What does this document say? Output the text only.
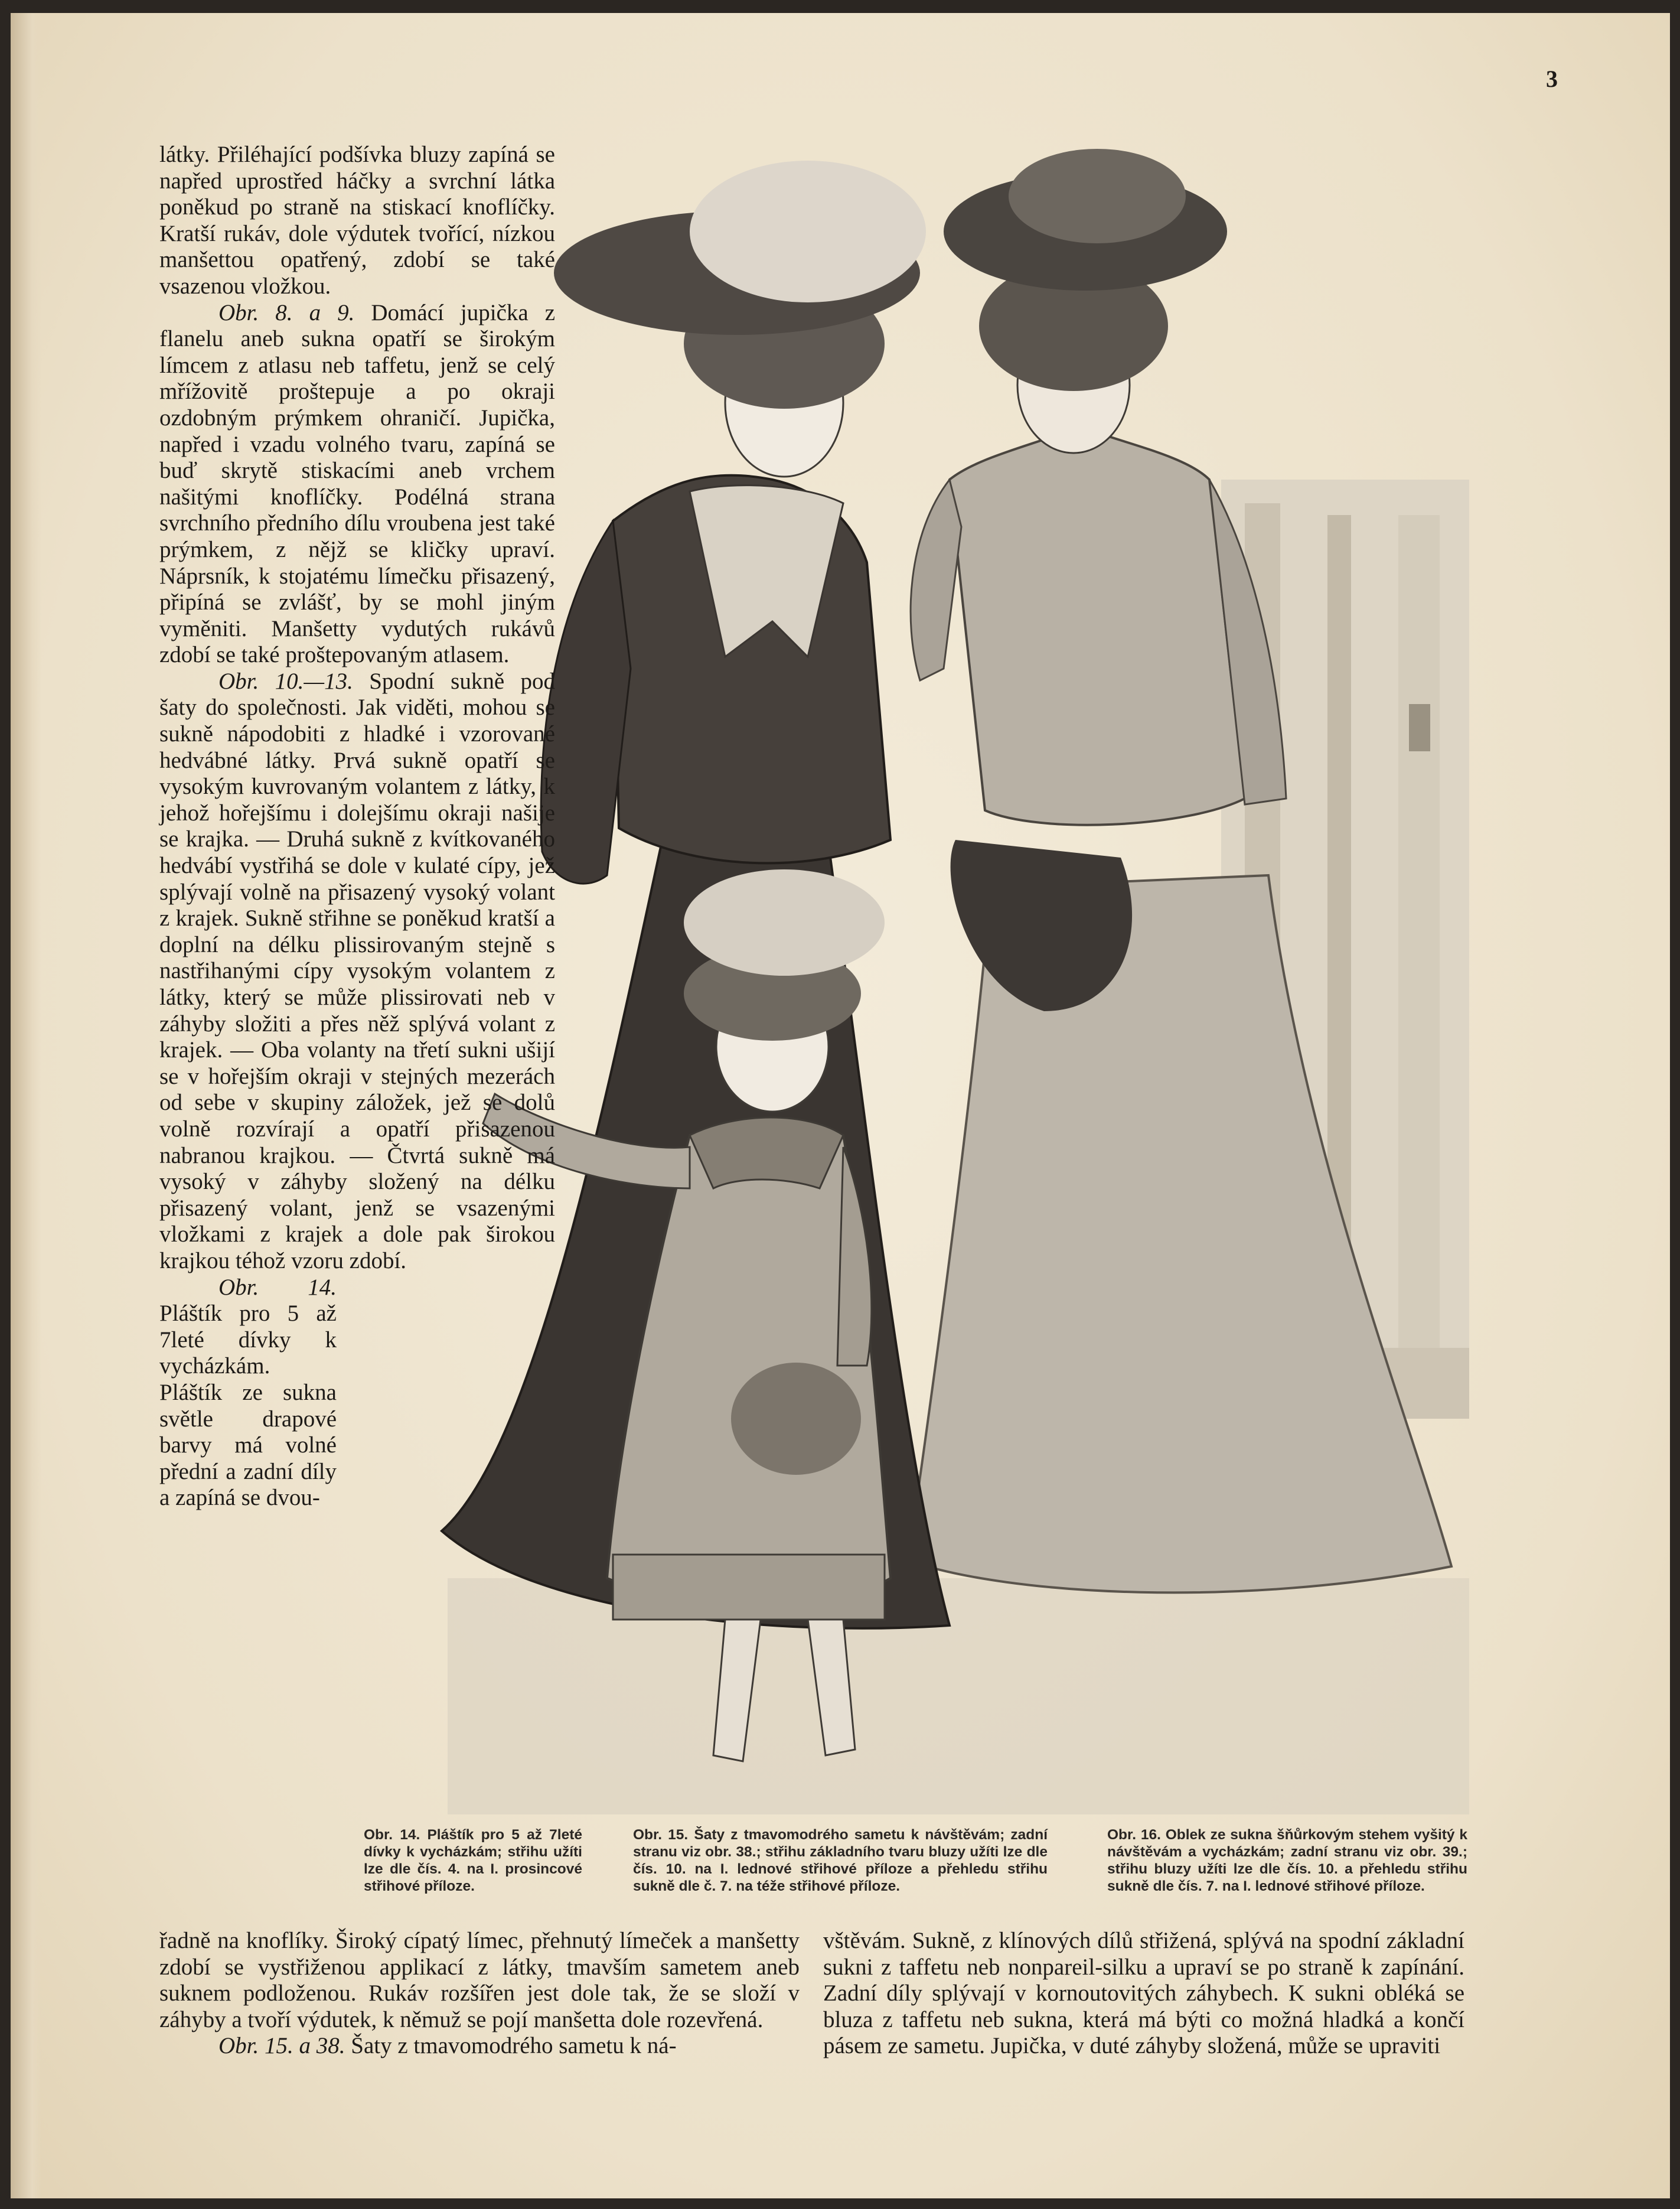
3

látky. Přiléhající podšívka bluzy zapíná se napřed uprostřed háčky a svrchní látka poněkud po straně na stiskací knoflíčky. Kratší rukáv, dole výdutek tvořící, nízkou manšettou opatřený, zdobí se také vsazenou vložkou.

Obr. 8. a 9. Domácí jupička z flanelu aneb sukna opatří se širokým límcem z atlasu neb taffetu, jenž se celý mřížovitě proštepuje a po okraji ozdobným prýmkem ohraničí. Jupička, napřed i vzadu volného tvaru, zapíná se buď skrytě stiskacími aneb vrchem našitými knoflíčky. Podélná strana svrchního předního dílu vroubena jest také prýmkem, z nějž se kličky upraví. Náprsník, k stojatému límečku přisazený, připíná se zvlášť, by se mohl jiným vyměniti. Manšetty vydutých rukávů zdobí se také proštepovaným atlasem.

Obr. 10.—13. Spodní sukně pod šaty do společnosti. Jak viděti, mohou se sukně nápodobiti z hladké i vzorované hedvábné látky. Prvá sukně opatří se vysokým kuvrovaným volantem z látky, k jehož hořejšímu i dolejšímu okraji našije se krajka. — Druhá sukně z kvítkovaného hedvábí vystřihá se dole v kulaté cípy, jež splývají volně na přisazený vysoký volant z krajek. Sukně střihne se poněkud kratší a doplní na délku plissirovaným stejně s nastřihanými cípy vysokým volantem z látky, který se může plissirovati neb v záhyby složiti a přes něž splývá volant z krajek. — Oba volanty na třetí sukni ušijí se v hořejším okraji v stejných mezerách od sebe v skupiny záložek, jež se dolů volně rozvírají a opatří přisazenou nabranou krajkou. — Čtvrtá sukně má vysoký v záhyby složený na délku přisazený volant, jenž se vsazenými vložkami z krajek a dole pak širokou krajkou téhož vzoru zdobí.

Obr. 14. Pláštík pro 5 až 7leté dívky k vycházkám. Pláštík ze sukna světle drapové barvy má volné přední a zadní díly a zapíná se dvou-

Obr. 14. Pláštík pro 5 až 7leté dívky k vycházkám; střihu užíti lze dle čís. 4. na I. prosincové střihové příloze.
Obr. 15. Šaty z tmavomodrého sametu k návštěvám; zadní stranu viz obr. 38.; střihu základního tvaru bluzy užíti lze dle čís. 10. na I. lednové střihové příloze a přehledu střihu sukně dle č. 7. na téže střihové příloze.
Obr. 16. Oblek ze sukna šňůrkovým stehem vyšitý k návštěvám a vycházkám; zadní stranu viz obr. 39.; střihu bluzy užíti lze dle čís. 10. a přehledu střihu sukně dle čís. 7. na I. lednové střihové příloze.

řadně na knoflíky. Široký cípatý límec, přehnutý límeček a manšetty zdobí se vystřiženou applikací z látky, tmavším sametem aneb suknem podloženou. Rukáv rozšířen jest dole tak, že se složí v záhyby a tvoří výdutek, k němuž se pojí manšetta dole rozevřená.
Obr. 15. a 38. Šaty z tmavomodrého sametu k ná-

vštěvám. Sukně, z klínových dílů střižená, splývá na spodní základní sukni z taffetu neb nonpareil-silku a upraví se po straně k zapínání. Zadní díly splývají v kornoutovitých záhybech. K sukni obléká se bluza z taffetu neb sukna, která má býti co možná hladká a končí pásem ze sametu. Jupička, v duté záhyby složená, může se upraviti
